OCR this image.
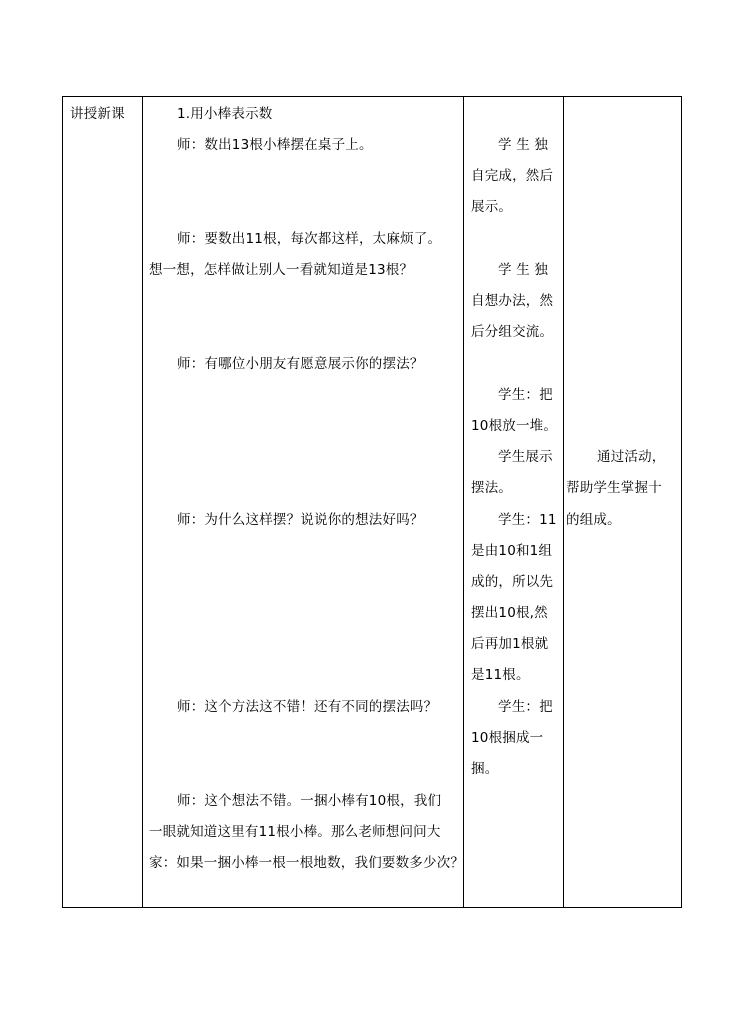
讲授新课	1.用小棒表示数
师：数出13根小棒摆在桌子上。
师：要数出11根，每次都这样，太麻烦了。
想一想，怎样做让别人一看就知道是13根？
师：有哪位小朋友有愿意展示你的摆法？
师：为什么这样摆？说说你的想法好吗？
师：这个方法这不错！还有不同的摆法吗？
师：这个想法不错。一捆小棒有10根，我们
一眼就知道这里有11根小棒。那么老师想问问大
家：如果一捆小棒一根一根地数，我们要数多少次？
学 生 独
自完成，然后
展示。
学 生 独
自想办法，然
后分组交流。
学生：把
10根放一堆。
学生展示
摆法。
学生：11
是由10和1组
成的，所以先
摆出10根,然
后再加1根就
是11根。
学生：把
10根捆成一
捆。
通过活动，
帮助学生掌握十
的组成。
